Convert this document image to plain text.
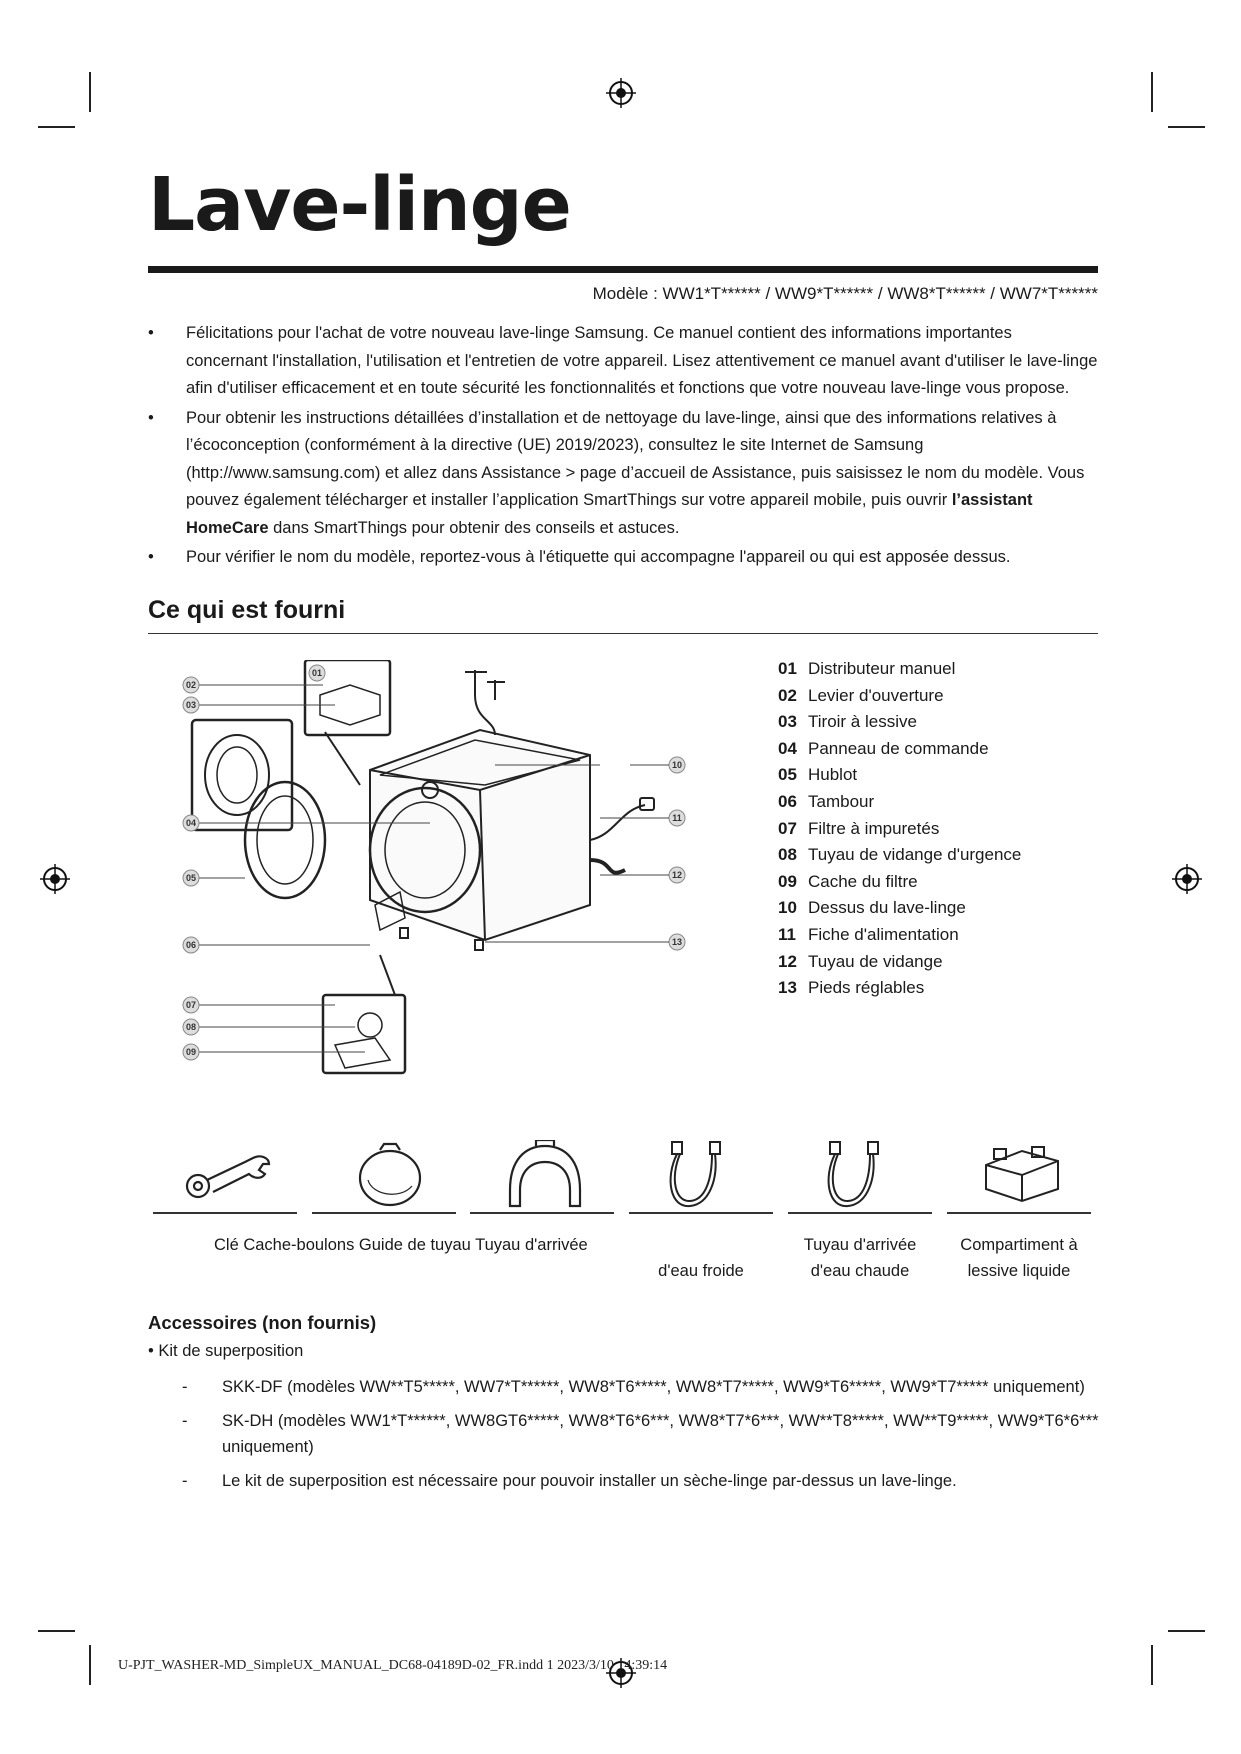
Lave-linge
Modèle : WW1*T****** / WW9*T****** / WW8*T****** / WW7*T******
• Félicitations pour l'achat de votre nouveau lave-linge Samsung. Ce manuel contient des informations importantes concernant l'installation, l'utilisation et l'entretien de votre appareil. Lisez attentivement ce manuel avant d'utiliser le lave-linge afin d'utiliser efficacement et en toute sécurité les fonctionnalités et fonctions que votre nouveau lave-linge vous propose.
• Pour obtenir les instructions détaillées d’installation et de nettoyage du lave-linge, ainsi que des informations relatives à l’écoconception (conformément à la directive (UE) 2019/2023), consultez le site Internet de Samsung (http://www.samsung.com) et allez dans Assistance > page d’accueil de Assistance, puis saisissez le nom du modèle. Vous pouvez également télécharger et installer l’application SmartThings sur votre appareil mobile, puis ouvrir l’assistant HomeCare dans SmartThings pour obtenir des conseils et astuces.
• Pour vérifier le nom du modèle, reportez-vous à l'étiquette qui accompagne l'appareil ou qui est apposée dessus.
Ce qui est fourni
01
02
03
04
05
06
07
08
09
10
11
12
13
01 Distributeur manuel
02 Levier d'ouverture
03 Tiroir à lessive
04 Panneau de commande
05 Hublot
06 Tambour
07 Filtre à impuretés
08 Tuyau de vidange d'urgence
09 Cache du filtre
10 Dessus du lave-linge
11 Fiche d'alimentation
12 Tuyau de vidange
13 Pieds réglables
Clé Cache-boulons Guide de tuyau Tuyau d'arrivée
d'eau froide
Tuyau d'arrivée
d'eau chaude
Compartiment à
lessive liquide
Accessoires (non fournis)
• Kit de superposition
- SKK-DF (modèles WW**T5*****, WW7*T******, WW8*T6*****, WW8*T7*****, WW9*T6*****, WW9*T7***** uniquement)
- SK-DH (modèles WW1*T******, WW8GT6*****, WW8*T6*6***, WW8*T7*6***, WW**T8*****, WW**T9*****, WW9*T6*6*** uniquement)
- Le kit de superposition est nécessaire pour pouvoir installer un sèche-linge par-dessus un lave-linge.
U-PJT_WASHER-MD_SimpleUX_MANUAL_DC68-04189D-02_FR.indd 1 2023/3/10 14:39:14
